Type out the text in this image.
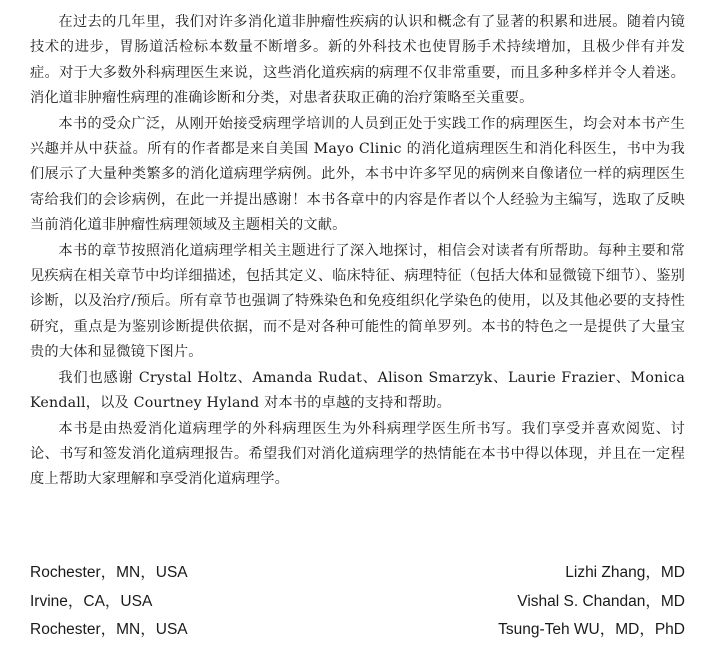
在过去的几年里，我们对许多消化道非肿瘤性疾病的认识和概念有了显著的积累和进展。随着内镜技术的进步，胃肠道活检标本数量不断增多。新的外科技术也使胃肠手术持续增加，且极少伴有并发症。对于大多数外科病理医生来说，这些消化道疾病的病理不仅非常重要，而且多种多样并令人着迷。消化道非肿瘤性病理的准确诊断和分类，对患者获取正确的治疗策略至关重要。

本书的受众广泛，从刚开始接受病理学培训的人员到正处于实践工作的病理医生，均会对本书产生兴趣并从中获益。所有的作者都是来自美国 Mayo Clinic 的消化道病理医生和消化科医生，书中为我们展示了大量种类繁多的消化道病理学病例。此外，本书中许多罕见的病例来自像诸位一样的病理医生寄给我们的会诊病例，在此一并提出感谢！本书各章中的内容是作者以个人经验为主编写，选取了反映当前消化道非肿瘤性病理领域及主题相关的文献。

本书的章节按照消化道病理学相关主题进行了深入地探讨，相信会对读者有所帮助。每种主要和常见疾病在相关章节中均详细描述，包括其定义、临床特征、病理特征（包括大体和显微镜下细节）、鉴别诊断，以及治疗/预后。所有章节也强调了特殊染色和免疫组织化学染色的使用，以及其他必要的支持性研究，重点是为鉴别诊断提供依据，而不是对各种可能性的简单罗列。本书的特色之一是提供了大量宝贵的大体和显微镜下图片。

我们也感谢 Crystal Holtz、Amanda Rudat、Alison Smarzyk、Laurie Frazier、Monica Kendall，以及 Courtney Hyland 对本书的卓越的支持和帮助。

本书是由热爱消化道病理学的外科病理医生为外科病理学医生所书写。我们享受并喜欢阅览、讨论、书写和签发消化道病理报告。希望我们对消化道病理学的热情能在本书中得以体现，并且在一定程度上帮助大家理解和享受消化道病理学。

Rochester，MN，USA	Lizhi Zhang，MD
Irvine，CA，USA	Vishal S. Chandan，MD
Rochester，MN，USA	Tsung-Teh WU，MD，PhD
